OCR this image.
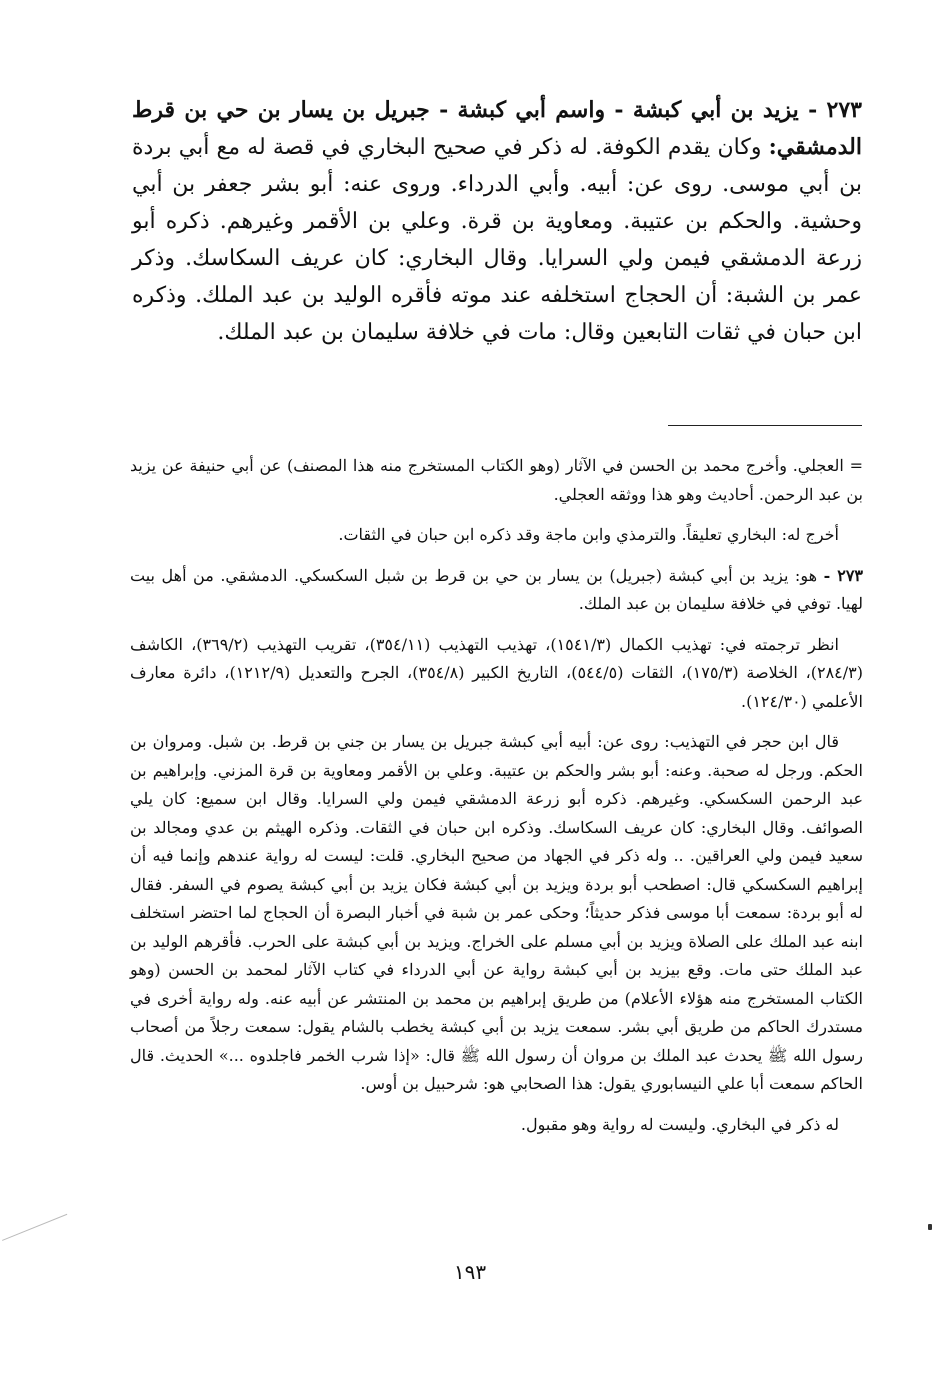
٢٧٣ - يزيد بن أبي كبشة - واسم أبي كبشة - جبريل بن يسار بن حي بن قرط الدمشقي: وكان يقدم الكوفة. له ذكر في صحيح البخاري في قصة له مع أبي بردة بن أبي موسى. روى عن: أبيه. وأبي الدرداء. وروى عنه: أبو بشر جعفر بن أبي وحشية. والحكم بن عتيبة. ومعاوية بن قرة. وعلي بن الأقمر وغيرهم. ذكره أبو زرعة الدمشقي فيمن ولي السرايا. وقال البخاري: كان عريف السكاسك. وذكر عمر بن الشبة: أن الحجاج استخلفه عند موته فأقره الوليد بن عبد الملك. وذكره ابن حبان في ثقات التابعين وقال: مات في خلافة سليمان بن عبد الملك.

= العجلي. وأخرج محمد بن الحسن في الآثار (وهو الكتاب المستخرج منه هذا المصنف) عن أبي حنيفة عن يزيد بن عبد الرحمن. أحاديث وهو هذا ووثقه العجلي.

أخرج له: البخاري تعليقاً. والترمذي وابن ماجة وقد ذكره ابن حبان في الثقات.

٢٧٣ - هو: يزيد بن أبي كبشة (جبريل) بن يسار بن حي بن قرط بن شبل السكسكي. الدمشقي. من أهل بيت لهيا. توفي في خلافة سليمان بن عبد الملك.

انظر ترجمته في: تهذيب الكمال (١٥٤١/٣)، تهذيب التهذيب (٣٥٤/١١)، تقريب التهذيب (٣٦٩/٢)، الكاشف (٢٨٤/٣)، الخلاصة (١٧٥/٣)، الثقات (٥٤٤/٥)، التاريخ الكبير (٣٥٤/٨)، الجرح والتعديل (١٢١٢/٩)، دائرة معارف الأعلمي (١٢٤/٣٠).

قال ابن حجر في التهذيب: روى عن: أبيه أبي كبشة جبريل بن يسار بن جني بن قرط. بن شبل. ومروان بن الحكم. ورجل له صحبة. وعنه: أبو بشر والحكم بن عتيبة. وعلي بن الأقمر ومعاوية بن قرة المزني. وإبراهيم بن عبد الرحمن السكسكي. وغيرهم. ذكره أبو زرعة الدمشقي فيمن ولي السرايا. وقال ابن سميع: كان يلي الصوائف. وقال البخاري: كان عريف السكاسك. وذكره ابن حبان في الثقات. وذكره الهيثم بن عدي ومجالد بن سعيد فيمن ولي العراقين. .. وله ذكر في الجهاد من صحيح البخاري. قلت: ليست له رواية عندهم وإنما فيه أن إبراهيم السكسكي قال: اصطحب أبو بردة ويزيد بن أبي كبشة فكان يزيد بن أبي كبشة يصوم في السفر. فقال له أبو بردة: سمعت أبا موسى فذكر حديثاً؛ وحكى عمر بن شبة في أخبار البصرة أن الحجاج لما احتضر استخلف ابنه عبد الملك على الصلاة ويزيد بن أبي مسلم على الخراج. ويزيد بن أبي كبشة على الحرب. فأقرهم الوليد بن عبد الملك حتى مات. وقع بيزيد بن أبي كبشة رواية عن أبي الدرداء في كتاب الآثار لمحمد بن الحسن (وهو الكتاب المستخرج منه هؤلاء الأعلام) من طريق إبراهيم بن محمد بن المنتشر عن أبيه عنه. وله رواية أخرى في مستدرك الحاكم من طريق أبي بشر. سمعت يزيد بن أبي كبشة يخطب بالشام يقول: سمعت رجلاً من أصحاب رسول الله ﷺ يحدث عبد الملك بن مروان أن رسول الله ﷺ قال: «إذا شرب الخمر فاجلدوه ...» الحديث. قال الحاكم سمعت أبا علي النيسابوري يقول: هذا الصحابي هو: شرحبيل بن أوس.

له ذكر في البخاري. وليست له رواية وهو مقبول.

١٩٣
